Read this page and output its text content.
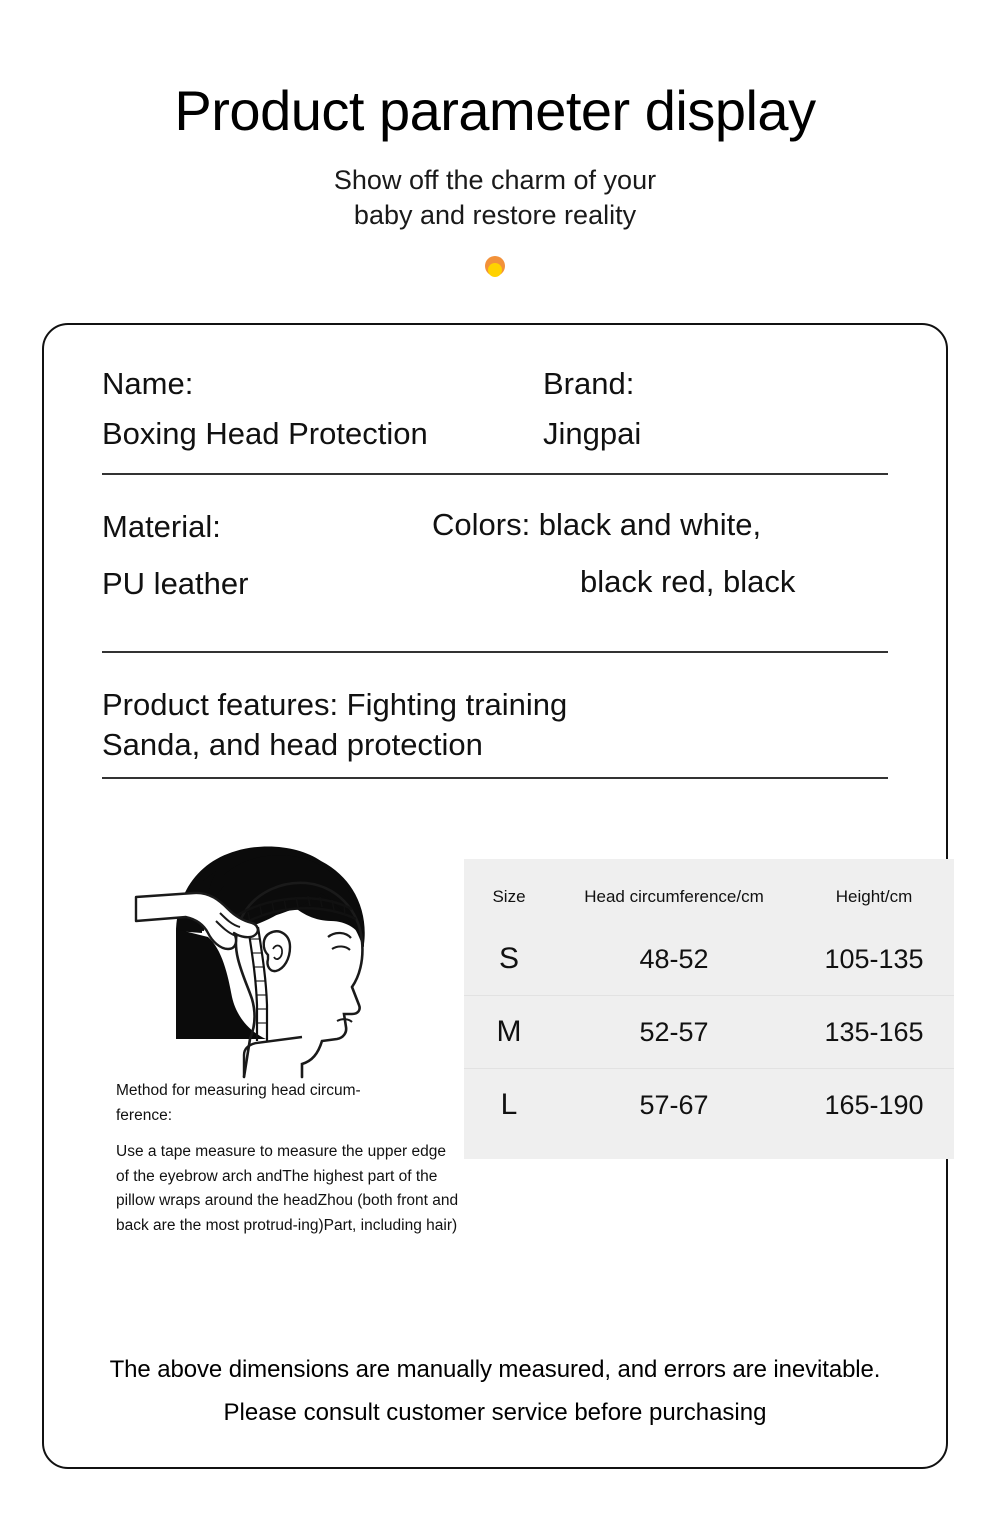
Product parameter display
Show off the charm of your
baby and restore reality
Name:
Boxing Head Protection
Brand:
Jingpai
Material:
PU leather
Colors: black and white,
black red, black
Product features: Fighting training
Sanda, and head protection
Method for measuring head circum-
ference:
Use a tape measure to measure the upper edge of the eyebrow arch andThe highest part of the pillow wraps around the headZhou (both front and back are the most protrud-ing)Part, including hair)
Size	Head circumference/cm	Height/cm
S	48-52	105-135
M	52-57	135-165
L	57-67	165-190
The above dimensions are manually measured, and errors are inevitable.
Please consult customer service before purchasing
